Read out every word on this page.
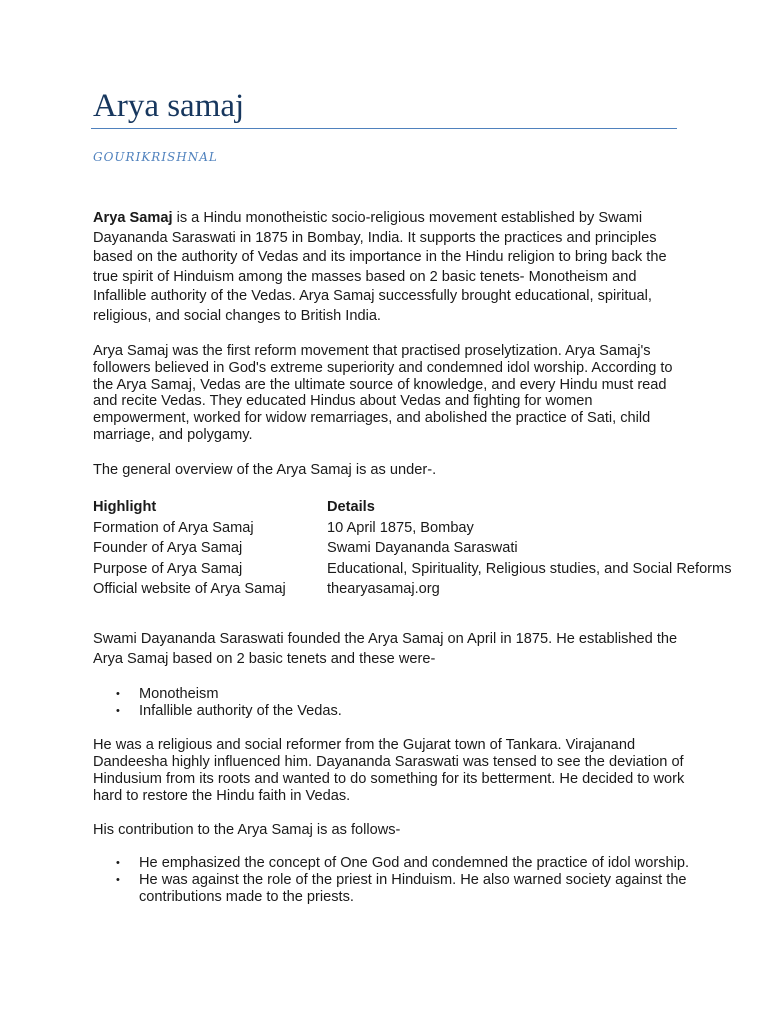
Arya samaj

GOURIKRISHNAL

Arya Samaj is a Hindu monotheistic socio-religious movement established by Swami Dayananda Saraswati in 1875 in Bombay, India. It supports the practices and principles based on the authority of Vedas and its importance in the Hindu religion to bring back the true spirit of Hinduism among the masses based on 2 basic tenets- Monotheism and Infallible authority of the Vedas. Arya Samaj successfully brought educational, spiritual, religious, and social changes to British India.

Arya Samaj was the first reform movement that practised proselytization. Arya Samaj's followers believed in God's extreme superiority and condemned idol worship. According to the Arya Samaj, Vedas are the ultimate source of knowledge, and every Hindu must read and recite Vedas. They educated Hindus about Vedas and fighting for women empowerment, worked for widow remarriages, and abolished the practice of Sati, child marriage, and polygamy.

The general overview of the Arya Samaj is as under-.

Highlight	Details
Formation of Arya Samaj	10 April 1875, Bombay
Founder of Arya Samaj	Swami Dayananda Saraswati
Purpose of Arya Samaj	Educational, Spirituality, Religious studies, and Social Reforms
Official website of Arya Samaj	thearyasamaj.org

Swami Dayananda Saraswati founded the Arya Samaj on April in 1875. He established the Arya Samaj based on 2 basic tenets and these were-

• Monotheism
• Infallible authority of the Vedas.

He was a religious and social reformer from the Gujarat town of Tankara. Virajanand Dandeesha highly influenced him. Dayananda Saraswati was tensed to see the deviation of Hindusium from its roots and wanted to do something for its betterment. He decided to work hard to restore the Hindu faith in Vedas.

His contribution to the Arya Samaj is as follows-

• He emphasized the concept of One God and condemned the practice of idol worship.
• He was against the role of the priest in Hinduism. He also warned society against the contributions made to the priests.
